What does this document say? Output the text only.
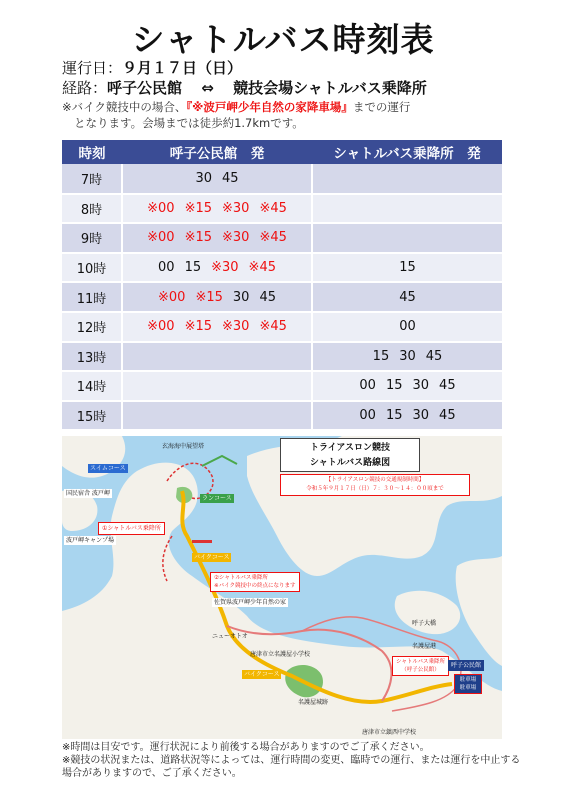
シャトルバス時刻表
運行日：９月１７日（日）
経路：呼子公民館 ⇔ 競技会場シャトルバス乗降所
※バイク競技中の場合、『※波戸岬少年自然の家降車場』までの運行
となります。会場までは徒歩約1.7kmです。
時刻	呼子公民館　発	シャトルバス乗降所　発
7時	30 45	
8時	※00 ※15 ※30 ※45	
9時	※00 ※15 ※30 ※45	
10時	00 15 ※30 ※45	15
11時	※00 ※15 30 45	45
12時	※00 ※15 ※30 ※45	00
13時		15 30 45
14時		00 15 30 45
15時		00 15 30 45
トライアスロン競技
シャトルバス路線図
【トライアスロン競技の交通規制時間】
令和５年９月１７日（日）７：３０～１４：００頃まで
①シャトルバス乗降所
②シャトルバス乗降所
※バイク競技中の終点になります
シャトルバス乗降所
（呼子公民館）
呼子公民館
駐車場
駐車場
玄海海中展望塔
スイムコース
国民宿舎 波戸岬
波戸岬キャンプ場
ランコース
バイクコース
バイクコース
佐賀県波戸岬少年自然の家
ニューオトオ
唐津市立名護屋小学校
名護屋城跡
呼子大橋
名護屋港
唐津市立鎮西中学校
※時間は目安です。運行状況により前後する場合がありますのでご了承ください。
※競技の状況または、道路状況等によっては、運行時間の変更、臨時での運行、または運行を中止する
場合がありますので、ご了承ください。
